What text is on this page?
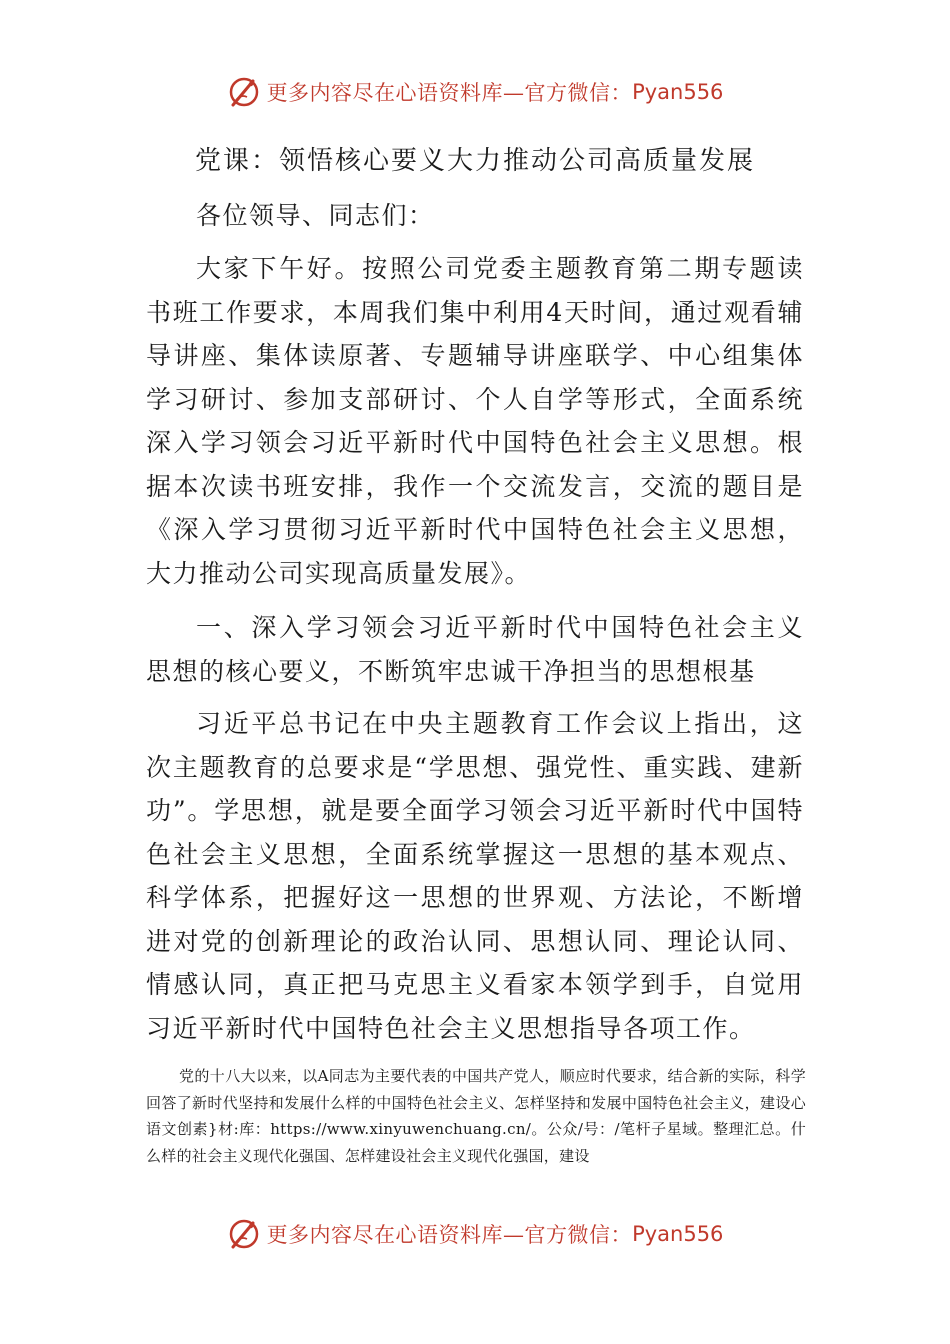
更多内容尽在心语资料库—官方微信： Pyan556
党课：领悟核心要义大力推动公司高质量发展
各位领导、同志们：
大家下午好。按照公司党委主题教育第二期专题读书班工作要求，本周我们集中利用4天时间，通过观看辅导讲座、集体读原著、专题辅导讲座联学、中心组集体学习研讨、参加支部研讨、个人自学等形式，全面系统深入学习领会习近平新时代中国特色社会主义思想。根据本次读书班安排，我作一个交流发言，交流的题目是《深入学习贯彻习近平新时代中国特色社会主义思想，大力推动公司实现高质量发展》。
一、深入学习领会习近平新时代中国特色社会主义思想的核心要义，不断筑牢忠诚干净担当的思想根基
习近平总书记在中央主题教育工作会议上指出，这次主题教育的总要求是“学思想、强党性、重实践、建新功”。学思想，就是要全面学习领会习近平新时代中国特色社会主义思想，全面系统掌握这一思想的基本观点、科学体系，把握好这一思想的世界观、方法论，不断增进对党的创新理论的政治认同、思想认同、理论认同、情感认同，真正把马克思主义看家本领学到手，自觉用习近平新时代中国特色社会主义思想指导各项工作。
党的十八大以来，以A同志为主要代表的中国共产党人，顺应时代要求，结合新的实际，科学回答了新时代坚持和发展什么样的中国特色社会主义、怎样坚持和发展中国特色社会主义，建设心语文创素}材:库：https://www.xinyuwenchuang.cn/。公众/号：/笔杆子星域。整理汇总。什么样的社会主义现代化强国、怎样建设社会主义现代化强国，建设
更多内容尽在心语资料库—官方微信： Pyan556
